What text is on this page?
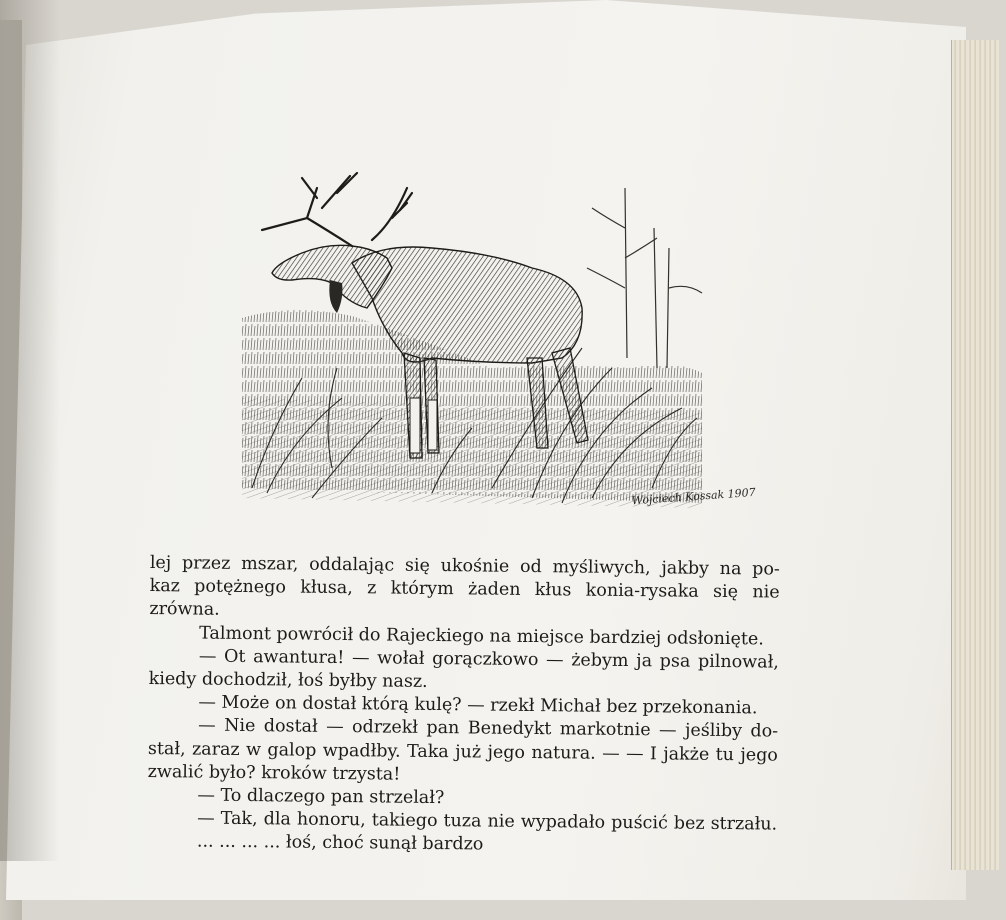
Wojciech Kossak 1907
lej przez mszar, oddalając się ukośnie od myśliwych, jakby na po-
kaz potężnego kłusa, z którym żaden kłus konia-rysaka się nie
zrówna.
Talmont powrócił do Rajeckiego na miejsce bardziej odsłonięte.
— Ot awantura! — wołał gorączkowo — żebym ja psa pilnował,
kiedy dochodził, łoś byłby nasz.
— Może on dostał którą kulę? — rzekł Michał bez przekonania.
— Nie dostał — odrzekł pan Benedykt markotnie — jeśliby do-
stał, zaraz w galop wpadłby. Taka już jego natura. — — I jakże tu jego
zwalić było? kroków trzysta!
— To dlaczego pan strzelał?
— Tak, dla honoru, takiego tuza nie wypadało puścić bez strzału.
... ... ... ... łoś, choć sunął bardzo
